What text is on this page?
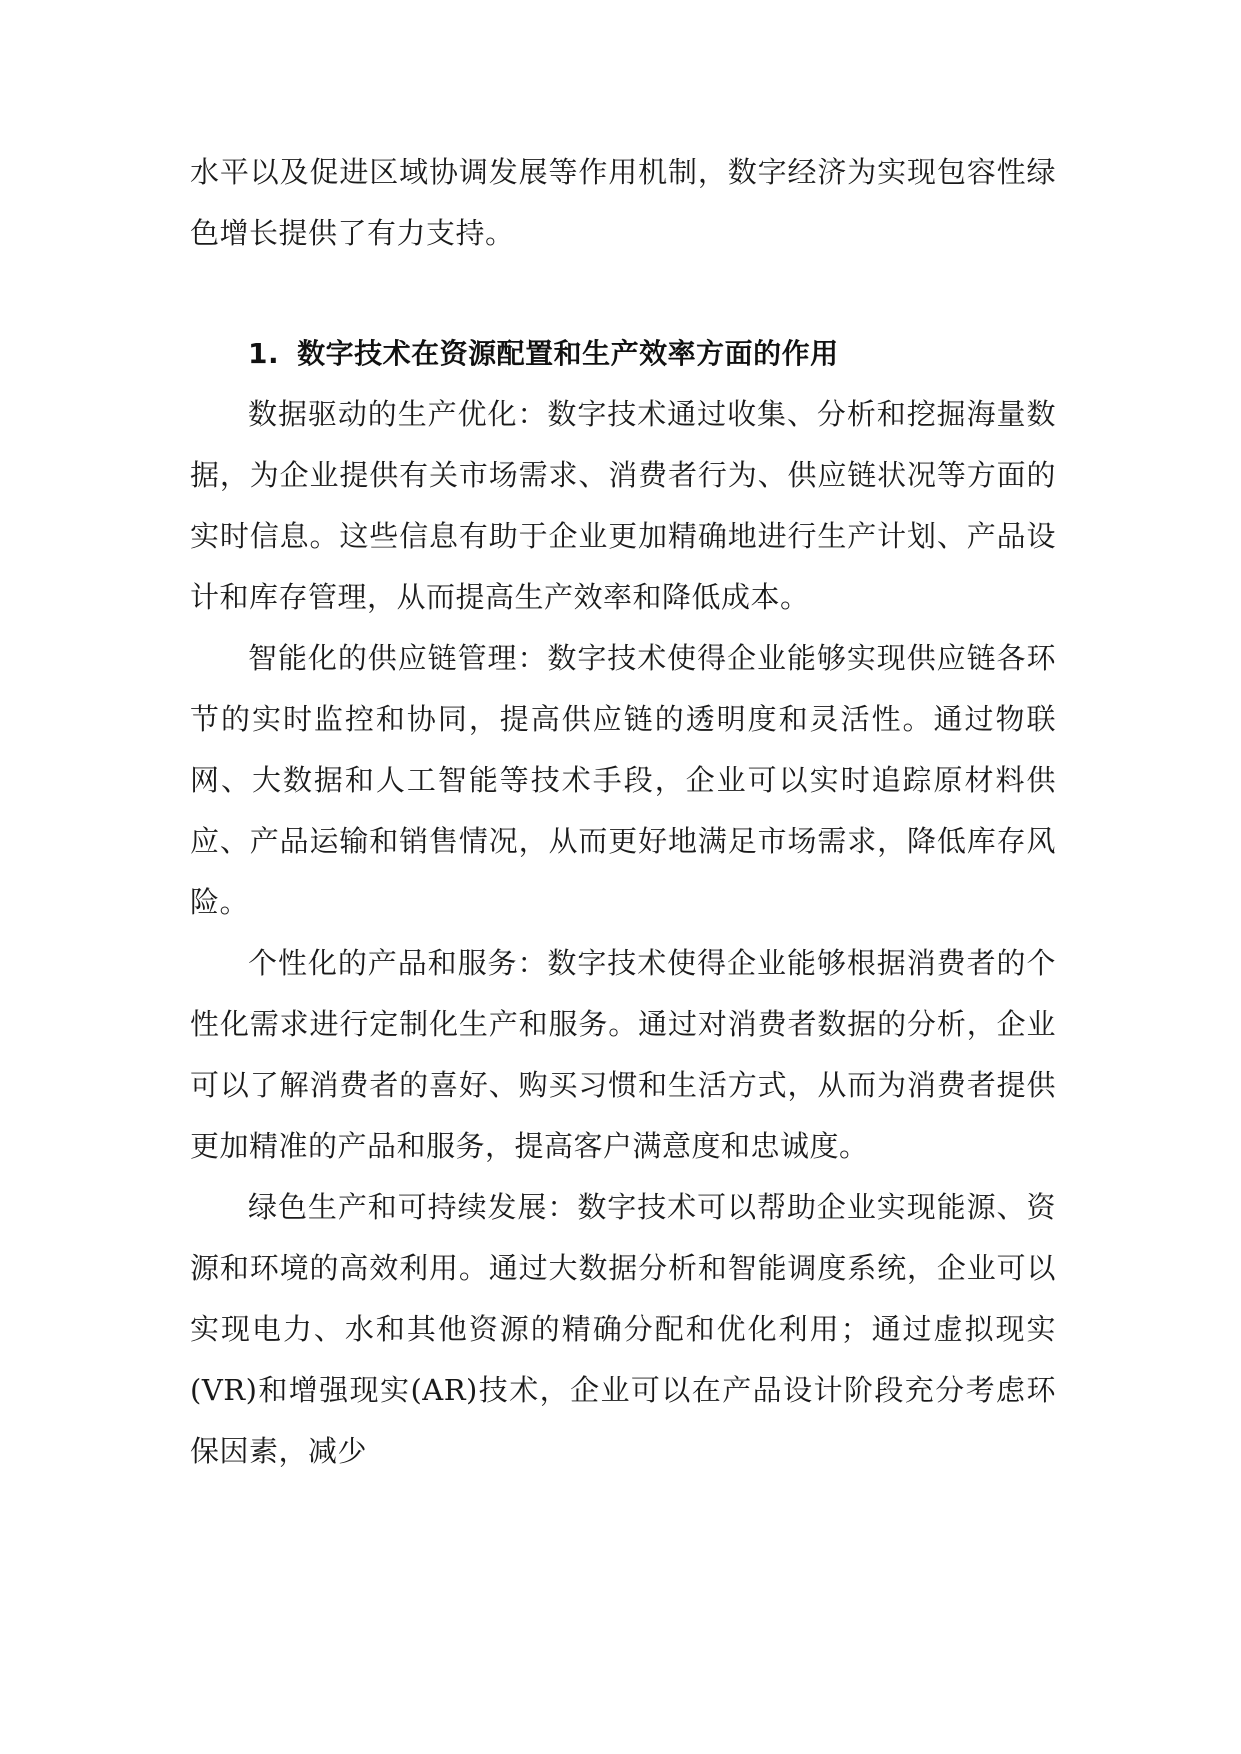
水平以及促进区域协调发展等作用机制，数字经济为实现包容性绿色增长提供了有力支持。

1. 数字技术在资源配置和生产效率方面的作用

数据驱动的生产优化：数字技术通过收集、分析和挖掘海量数据，为企业提供有关市场需求、消费者行为、供应链状况等方面的实时信息。这些信息有助于企业更加精确地进行生产计划、产品设计和库存管理，从而提高生产效率和降低成本。

智能化的供应链管理：数字技术使得企业能够实现供应链各环节的实时监控和协同，提高供应链的透明度和灵活性。通过物联网、大数据和人工智能等技术手段，企业可以实时追踪原材料供应、产品运输和销售情况，从而更好地满足市场需求，降低库存风险。

个性化的产品和服务：数字技术使得企业能够根据消费者的个性化需求进行定制化生产和服务。通过对消费者数据的分析，企业可以了解消费者的喜好、购买习惯和生活方式，从而为消费者提供更加精准的产品和服务，提高客户满意度和忠诚度。

绿色生产和可持续发展：数字技术可以帮助企业实现能源、资源和环境的高效利用。通过大数据分析和智能调度系统，企业可以实现电力、水和其他资源的精确分配和优化利用；通过虚拟现实(VR)和增强现实(AR)技术，企业可以在产品设计阶段充分考虑环保因素，减少
